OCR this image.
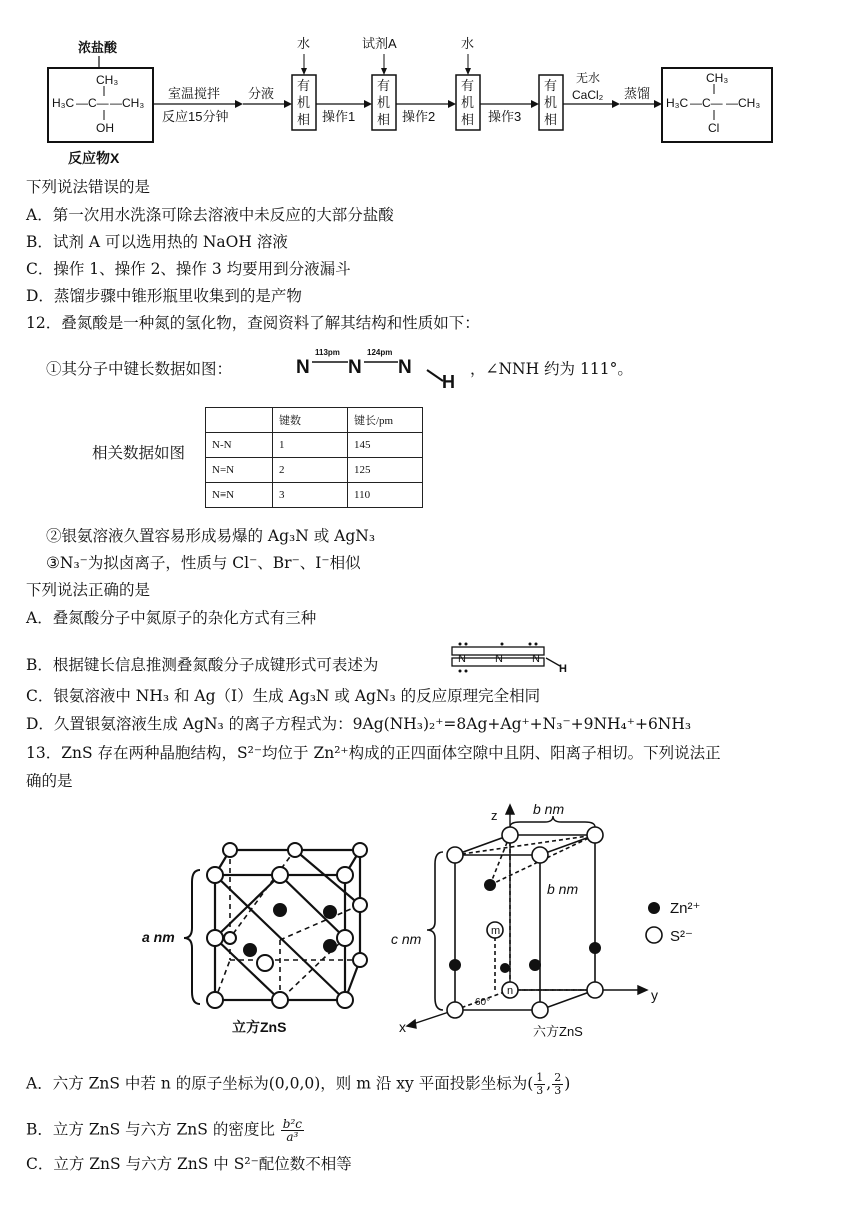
浓盐酸
CH₃
H₃C —C— —CH₃
OH
反应物X
室温搅拌
反应15分钟
分液
有
机
相
水
操作1
有
机
相
试剂A
操作2
有
机
相
水
操作3
有
机
相
无水
CaCl₂ 蒸馏
CH₃
H₃C —C— —CH₃
Cl
下列说法错误的是
A．第一次用水洗涤可除去溶液中未反应的大部分盐酸
B．试剂 A 可以选用热的 NaOH 溶液
C．操作 1、操作 2、操作 3 均要用到分液漏斗
D．蒸馏步骤中锥形瓶里收集到的是产物
12．叠氮酸是一种氮的氢化物，查阅资料了解其结构和性质如下：
①其分子中键长数据如图：	N
113pm
N
124pm
N
H
，∠NNH 约为 111°。
相关数据如图
	键数	键长/pm
N-N	1	145
N=N	2	125
N≡N	3	110
②银氨溶液久置容易形成易爆的 Ag₃N 或 AgN₃
③N₃⁻为拟卤离子，性质与 Cl⁻、Br⁻、I⁻相似
下列说法正确的是
A．叠氮酸分子中氮原子的杂化方式有三种
B．根据键长信息推测叠氮酸分子成键形式可表述为	N	N	N
H
C．银氨溶液中 NH₃ 和 Ag（I）生成 Ag₃N 或 AgN₃ 的反应原理完全相同
D．久置银氨溶液生成 AgN₃ 的离子方程式为：9Ag(NH₃)₂⁺=8Ag+Ag⁺+N₃⁻+9NH₄⁺+6NH₃
13．ZnS 存在两种晶胞结构，S²⁻均位于 Zn²⁺构成的正四面体空隙中且阴、阳离子相切。下列说法正
确的是
a nm
立方ZnS
m
n
z
y
x
60°
b nm
b nm
c nm
六方ZnS
Zn²⁺
S²⁻
A．六方 ZnS 中若 n 的原子坐标为(0,0,0)，则 m 沿 xy 平面投影坐标为( $\frac{1}{3}$ , $\frac{2}{3}$ )
B．立方 ZnS 与六方 ZnS 的密度比 $\frac{\text{b²c}}{\text{a³}}$
C．立方 ZnS 与六方 ZnS 中 S²⁻配位数不相等
